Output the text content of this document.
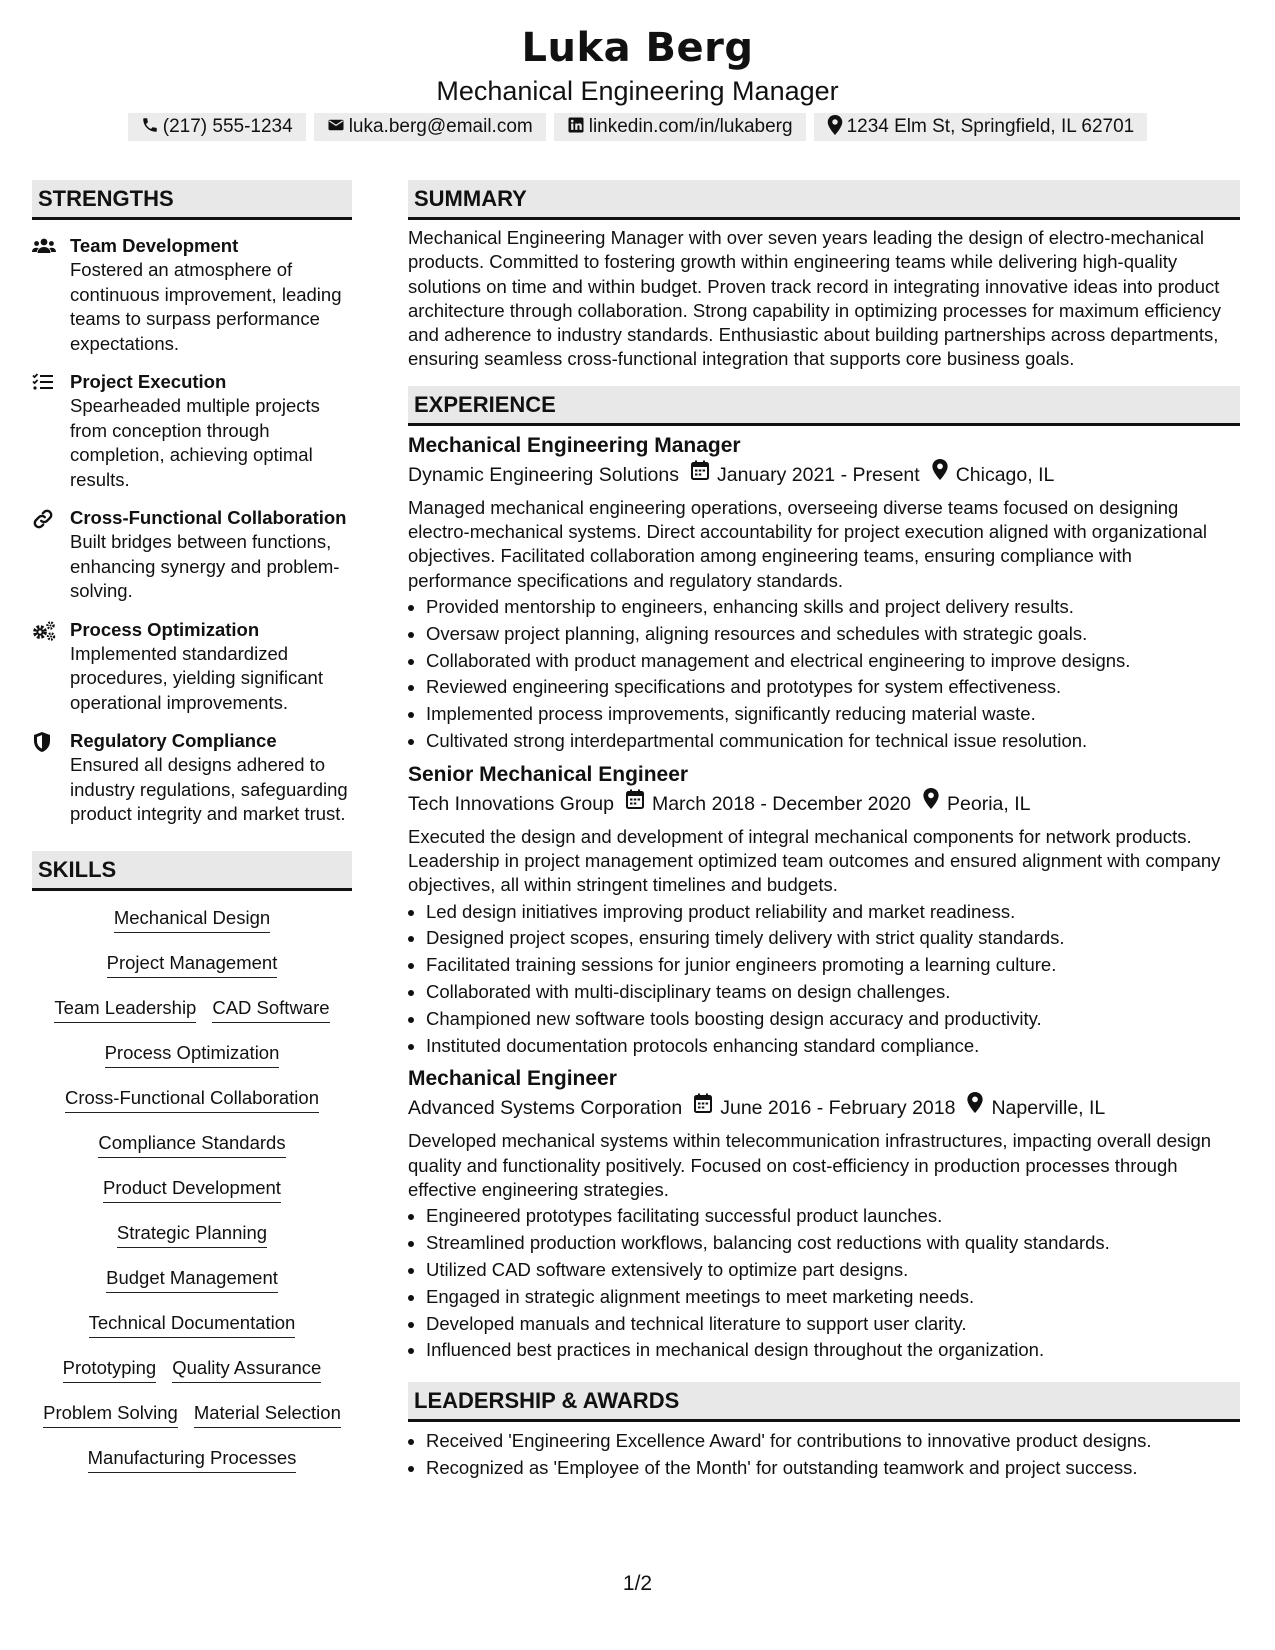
Luka Berg
Mechanical Engineering Manager
(217) 555-1234	luka.berg@email.com	linkedin.com/in/lukaberg	1234 Elm St, Springfield, IL 62701
STRENGTHS
Team Development
Fostered an atmosphere of continuous improvement, leading teams to surpass performance expectations.
Project Execution
Spearheaded multiple projects from conception through completion, achieving optimal results.
Cross-Functional Collaboration
Built bridges between functions, enhancing synergy and problem-solving.
Process Optimization
Implemented standardized procedures, yielding significant operational improvements.
Regulatory Compliance
Ensured all designs adhered to industry regulations, safeguarding product integrity and market trust.
SKILLS
Mechanical Design
Project Management
Team Leadership CAD Software
Process Optimization
Cross-Functional Collaboration
Compliance Standards
Product Development
Strategic Planning
Budget Management
Technical Documentation
Prototyping Quality Assurance
Problem Solving Material Selection
Manufacturing Processes
SUMMARY
Mechanical Engineering Manager with over seven years leading the design of electro-mechanical products. Committed to fostering growth within engineering teams while delivering high-quality solutions on time and within budget. Proven track record in integrating innovative ideas into product architecture through collaboration. Strong capability in optimizing processes for maximum efficiency and adherence to industry standards. Enthusiastic about building partnerships across departments, ensuring seamless cross-functional integration that supports core business goals.
EXPERIENCE
Mechanical Engineering Manager
Dynamic Engineering Solutions January 2021 - Present Chicago, IL
Managed mechanical engineering operations, overseeing diverse teams focused on designing electro-mechanical systems. Direct accountability for project execution aligned with organizational objectives. Facilitated collaboration among engineering teams, ensuring compliance with performance specifications and regulatory standards.
• Provided mentorship to engineers, enhancing skills and project delivery results.
• Oversaw project planning, aligning resources and schedules with strategic goals.
• Collaborated with product management and electrical engineering to improve designs.
• Reviewed engineering specifications and prototypes for system effectiveness.
• Implemented process improvements, significantly reducing material waste.
• Cultivated strong interdepartmental communication for technical issue resolution.
Senior Mechanical Engineer
Tech Innovations Group March 2018 - December 2020 Peoria, IL
Executed the design and development of integral mechanical components for network products. Leadership in project management optimized team outcomes and ensured alignment with company objectives, all within stringent timelines and budgets.
• Led design initiatives improving product reliability and market readiness.
• Designed project scopes, ensuring timely delivery with strict quality standards.
• Facilitated training sessions for junior engineers promoting a learning culture.
• Collaborated with multi-disciplinary teams on design challenges.
• Championed new software tools boosting design accuracy and productivity.
• Instituted documentation protocols enhancing standard compliance.
Mechanical Engineer
Advanced Systems Corporation June 2016 - February 2018 Naperville, IL
Developed mechanical systems within telecommunication infrastructures, impacting overall design quality and functionality positively. Focused on cost-efficiency in production processes through effective engineering strategies.
• Engineered prototypes facilitating successful product launches.
• Streamlined production workflows, balancing cost reductions with quality standards.
• Utilized CAD software extensively to optimize part designs.
• Engaged in strategic alignment meetings to meet marketing needs.
• Developed manuals and technical literature to support user clarity.
• Influenced best practices in mechanical design throughout the organization.
LEADERSHIP & AWARDS
• Received 'Engineering Excellence Award' for contributions to innovative product designs.
• Recognized as 'Employee of the Month' for outstanding teamwork and project success.
1/2
